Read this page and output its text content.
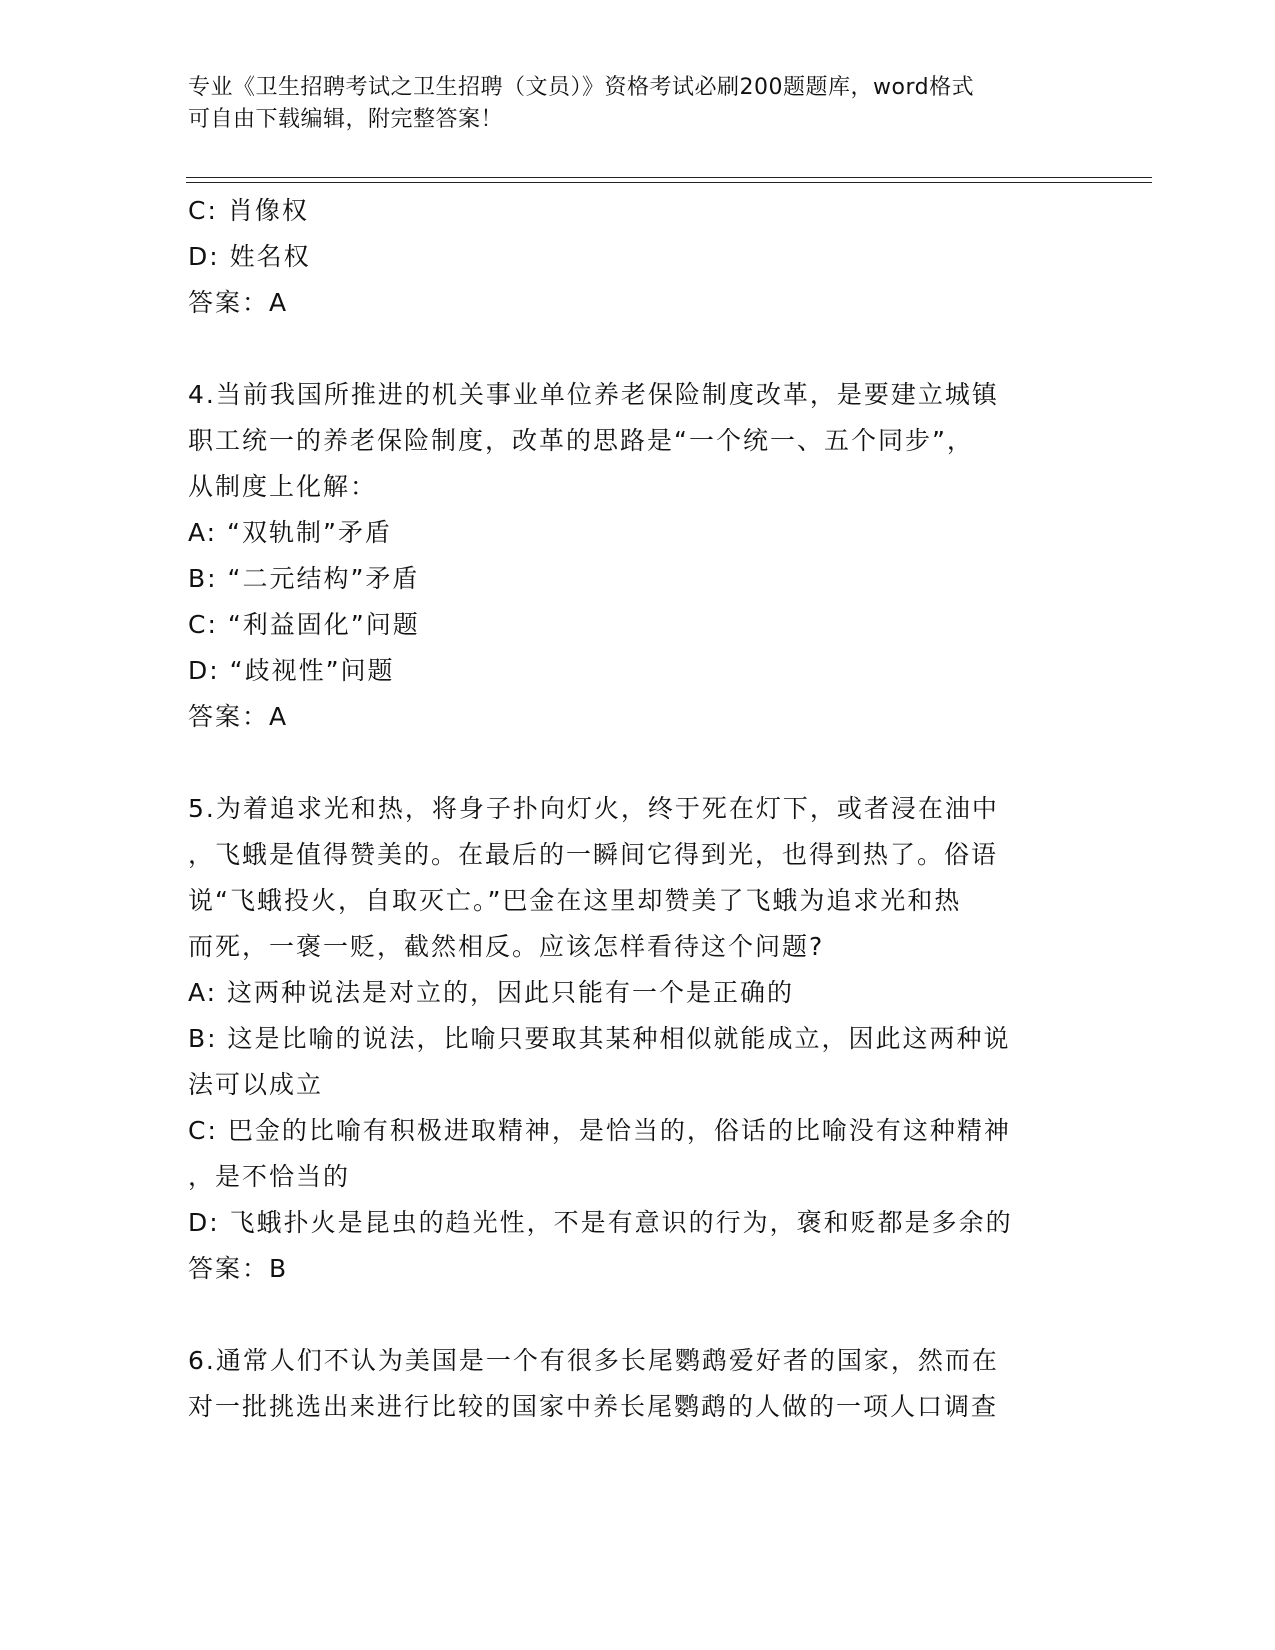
专业《卫生招聘考试之卫生招聘（文员）》资格考试必刷200题题库，word格式
可自由下载编辑，附完整答案！
C: 肖像权
D: 姓名权
答案：A
4.当前我国所推进的机关事业单位养老保险制度改革，是要建立城镇
职工统一的养老保险制度，改革的思路是“一个统一、五个同步”，
从制度上化解：
A: “双轨制”矛盾
B: “二元结构”矛盾
C: “利益固化”问题
D: “歧视性”问题
答案：A
5.为着追求光和热，将身子扑向灯火，终于死在灯下，或者浸在油中
，飞蛾是值得赞美的。在最后的一瞬间它得到光，也得到热了。俗语
说“飞蛾投火，自取灭亡。”巴金在这里却赞美了飞蛾为追求光和热
而死，一褒一贬，截然相反。应该怎样看待这个问题?
A: 这两种说法是对立的，因此只能有一个是正确的
B: 这是比喻的说法，比喻只要取其某种相似就能成立，因此这两种说
法可以成立
C: 巴金的比喻有积极进取精神，是恰当的，俗话的比喻没有这种精神
，是不恰当的
D: 飞蛾扑火是昆虫的趋光性，不是有意识的行为，褒和贬都是多余的
答案：B
6.通常人们不认为美国是一个有很多长尾鹦鹉爱好者的国家，然而在
对一批挑选出来进行比较的国家中养长尾鹦鹉的人做的一项人口调查
